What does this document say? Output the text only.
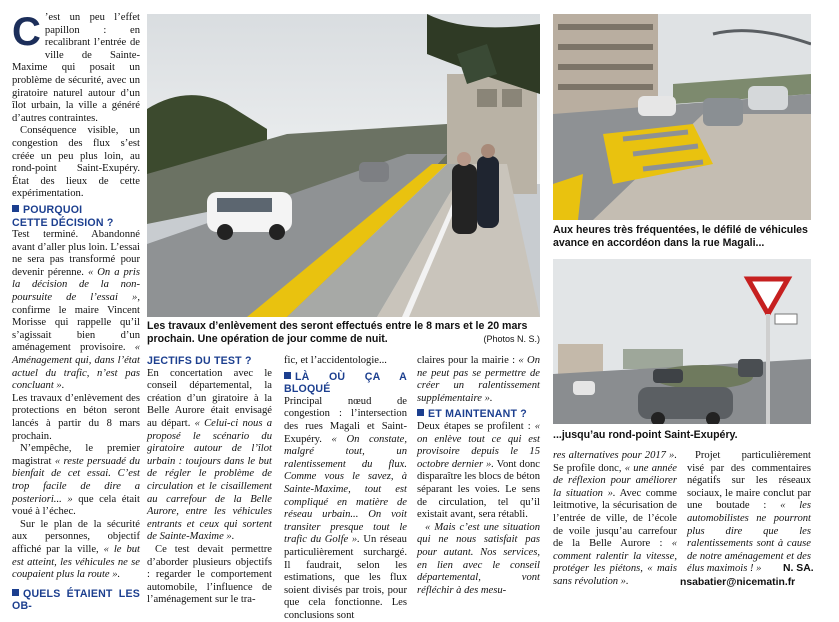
C ’est un peu l’effet papillon : en recalibrant l’entrée de ville de Sainte-Maxime qui posait un problème de sécurité, avec un giratoire naturel autour d’un îlot urbain, la ville a généré d’autres contraintes.

Conséquence visible, un congestion des flux s’est créée un peu plus loin, au rond-point Saint-Exupéry. État des lieux de cette expérimentation.

POURQUOI
CETTE DÉCISION ?

Test terminé. Abandonné avant d’aller plus loin. L’essai ne sera pas transformé pour devenir pérenne. « On a pris la décision de la non-poursuite de l’essai », confirme le maire Vincent Morisse qui rappelle qu’il s’agissait bien d’un aménagement provisoire. « Aménagement qui, dans l’état actuel du trafic, n’est pas concluant ».

Les travaux d’enlèvement des protections en béton seront lancés à partir du 8 mars prochain.

N’empêche, le premier magistrat « reste persuadé du bienfait de cet essai. C’est trop facile de dire a posteriori... » que cela était voué à l’échec.

Sur le plan de la sécurité aux personnes, objectif affiché par la ville, « le but est atteint, les véhicules ne se coupaient plus la route ».

QUELS ÉTAIENT LES OB-
Les travaux d’enlèvement des seront effectués entre le 8 mars et le 20 mars prochain. Une opération de jour comme de nuit.	(Photos N. S.)
Aux heures très fréquentées, le défilé de véhicules avance en accordéon dans la rue Magali...
...jusqu’au rond-point Saint-Exupéry.
JECTIFS DU TEST ?

En concertation avec le conseil départemental, la création d’un giratoire à la Belle Aurore était envisagé au départ. « Celui-ci nous a proposé le scénario du giratoire autour de l’îlot urbain : toujours dans le but de régler le problème de circulation et le cisaillement au carrefour de la Belle Aurore, entre les véhicules entrants et ceux qui sortent de Sainte-Maxime ».

Ce test devait permettre d’aborder plusieurs objectifs : regarder le comportement automobile, l’influence de l’aménagement sur le tra-

fic, et l’accidentologie...

LÀ OÙ ÇA A BLOQUÉ

Principal nœud de congestion : l’intersection des rues Magali et Saint-Exupéry. « On constate, malgré tout, un ralentissement du flux. Comme vous le savez, à Sainte-Maxime, tout est compliqué en matière de réseau urbain... On voit transiter presque tout le trafic du Golfe ». Un réseau particulièrement surchargé. Il faudrait, selon les estimations, que les flux soient divisés par trois, pour que cela fonctionne. Les conclusions sont

claires pour la mairie : « On ne peut pas se permettre de créer un ralentissement supplémentaire ».

ET MAINTENANT ?

Deux étapes se profilent : « on enlève tout ce qui est provisoire depuis le 15 octobre dernier ». Vont donc disparaître les blocs de béton séparant les voies. Le sens de circulation, tel qu’il existait avant, sera rétabli.

« Mais c’est une situation qui ne nous satisfait pas pour autant. Nos services, en lien avec le conseil départemental, vont réfléchir à des mesu-

res alternatives pour 2017 ». Se profile donc, « une année de réflexion pour améliorer la situation ». Avec comme leitmotive, la sécurisation de l’entrée de ville, de l’école de voile jusqu’au carrefour de la Belle Aurore : « comment ralentir la vitesse, protéger les piétons, « mais sans révolution ».

Projet particulièrement visé par des commentaires négatifs sur les réseaux sociaux, le maire conclut par une boutade : « les automobilistes ne pourront plus dire que les ralentissements sont à cause de notre aménagement et des élus maximois ! »	N. SA.
nsabatier@nicematin.fr
